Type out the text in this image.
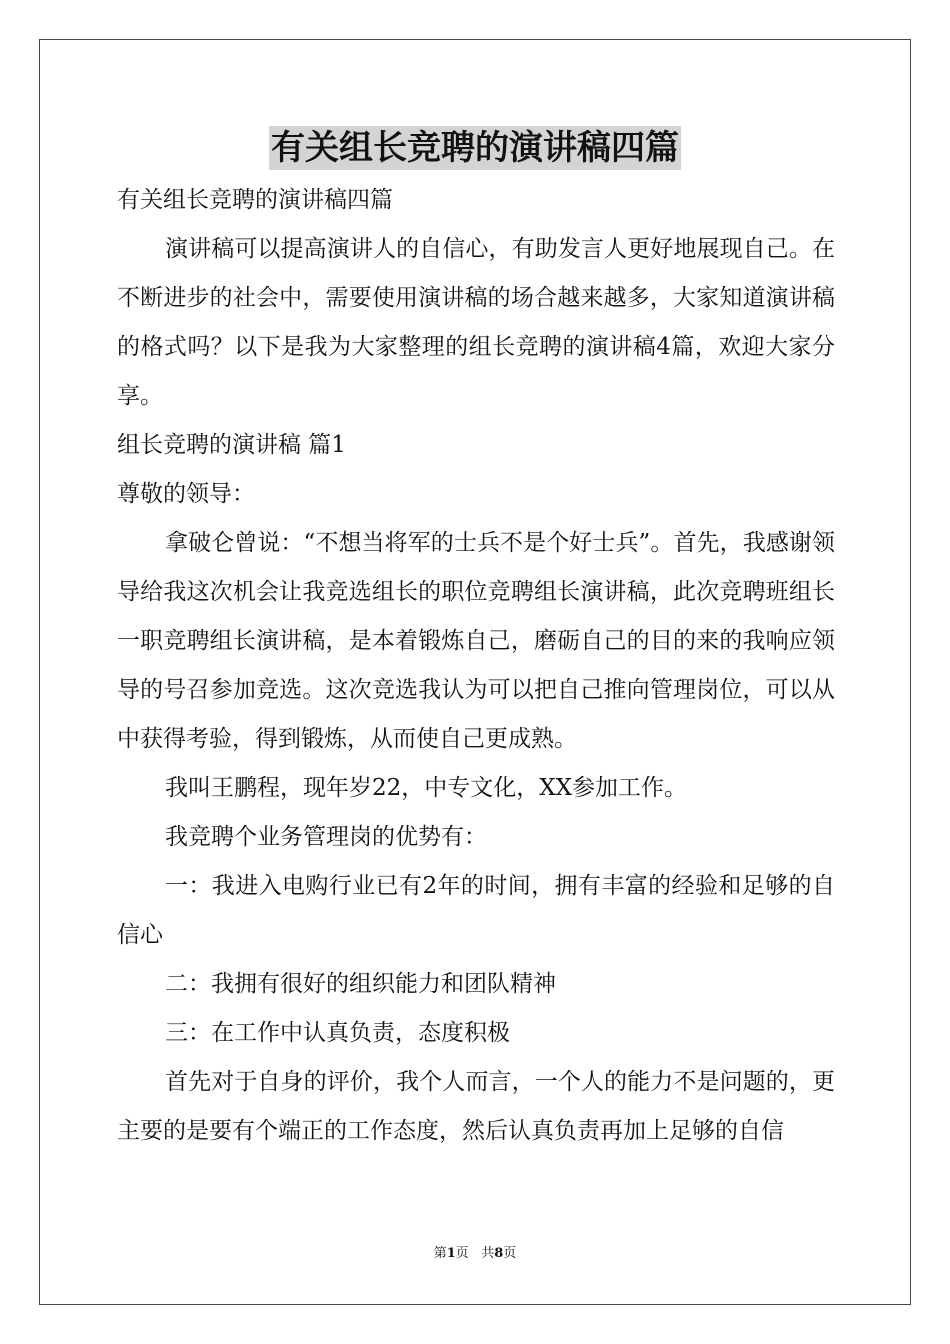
有关组长竞聘的演讲稿四篇

有关组长竞聘的演讲稿四篇

演讲稿可以提高演讲人的自信心，有助发言人更好地展现自己。在不断进步的社会中，需要使用演讲稿的场合越来越多，大家知道演讲稿的格式吗？以下是我为大家整理的组长竞聘的演讲稿4篇，欢迎大家分享。

组长竞聘的演讲稿 篇1

尊敬的领导：

拿破仑曾说：“不想当将军的士兵不是个好士兵”。首先，我感谢领导给我这次机会让我竞选组长的职位竞聘组长演讲稿，此次竞聘班组长一职竞聘组长演讲稿，是本着锻炼自己，磨砺自己的目的来的我响应领导的号召参加竞选。这次竞选我认为可以把自己推向管理岗位，可以从中获得考验，得到锻炼，从而使自己更成熟。

我叫王鹏程，现年岁22，中专文化，XX参加工作。

我竞聘个业务管理岗的优势有：

一：我进入电购行业已有2年的时间，拥有丰富的经验和足够的自信心

二：我拥有很好的组织能力和团队精神

三：在工作中认真负责，态度积极

首先对于自身的评价，我个人而言，一个人的能力不是问题的，更主要的是要有个端正的工作态度，然后认真负责再加上足够的自信

第1页 共8页
